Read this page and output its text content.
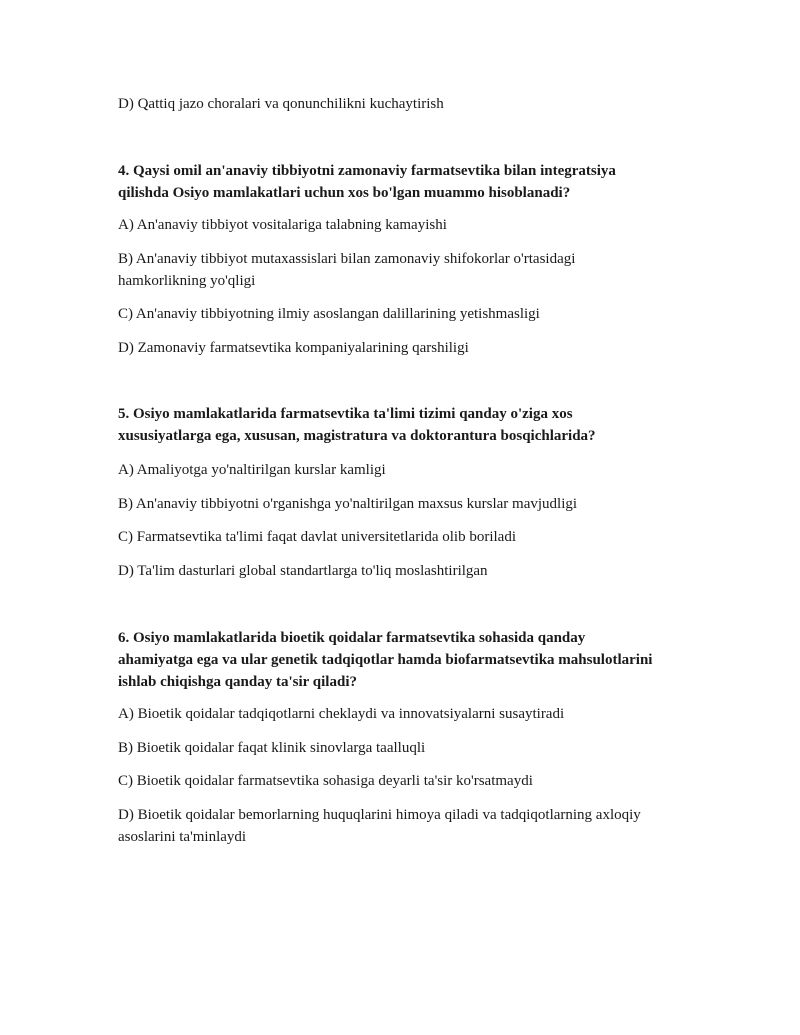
D) Qattiq jazo choralari va qonunchilikni kuchaytirish
4. Qaysi omil an'anaviy tibbiyotni zamonaviy farmatsevtika bilan integratsiya
qilishda Osiyo mamlakatlari uchun xos bo'lgan muammo hisoblanadi?
A) An'anaviy tibbiyot vositalariga talabning kamayishi
B) An'anaviy tibbiyot mutaxassislari bilan zamonaviy shifokorlar o'rtasidagi
hamkorlikning yo'qligi
C) An'anaviy tibbiyotning ilmiy asoslangan dalillarining yetishmasligi
D) Zamonaviy farmatsevtika kompaniyalarining qarshiligi
5. Osiyo mamlakatlarida farmatsevtika ta'limi tizimi qanday o'ziga xos
xususiyatlarga ega, xususan, magistratura va doktorantura bosqichlarida?
A) Amaliyotga yo'naltirilgan kurslar kamligi
B) An'anaviy tibbiyotni o'rganishga yo'naltirilgan maxsus kurslar mavjudligi
C) Farmatsevtika ta'limi faqat davlat universitetlarida olib boriladi
D) Ta'lim dasturlari global standartlarga to'liq moslashtirilgan
6. Osiyo mamlakatlarida bioetik qoidalar farmatsevtika sohasida qanday
ahamiyatga ega va ular genetik tadqiqotlar hamda biofarmatsevtika mahsulotlarini
ishlab chiqishga qanday ta'sir qiladi?
A) Bioetik qoidalar tadqiqotlarni cheklaydi va innovatsiyalarni susaytiradi
B) Bioetik qoidalar faqat klinik sinovlarga taalluqli
C) Bioetik qoidalar farmatsevtika sohasiga deyarli ta'sir ko'rsatmaydi
D) Bioetik qoidalar bemorlarning huquqlarini himoya qiladi va tadqiqotlarning axloqiy
asoslarini ta'minlaydi
